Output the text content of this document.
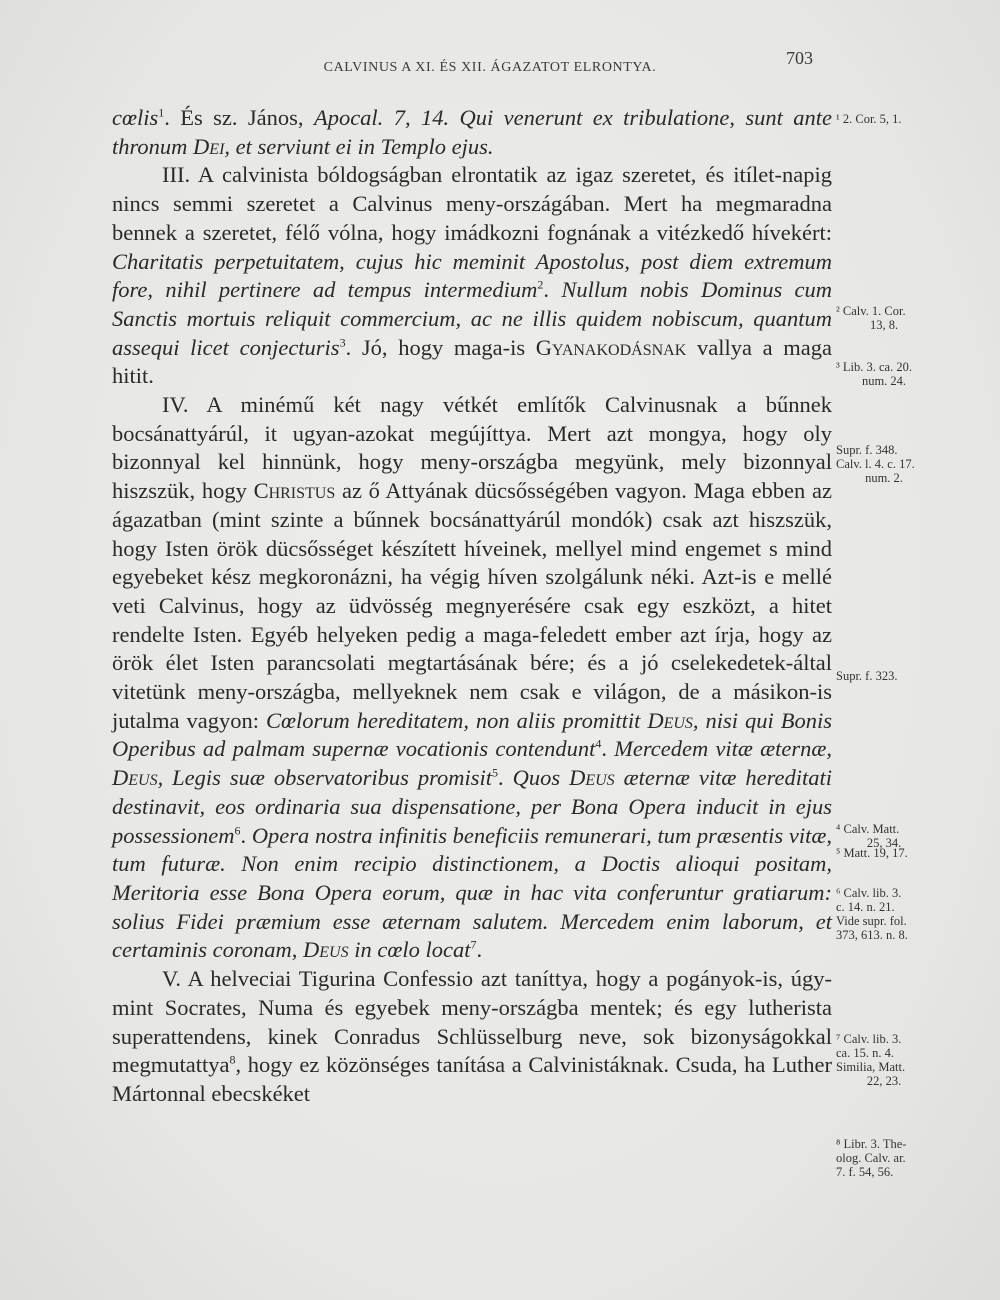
CALVINUS A XI. ÉS XII. ÁGAZATOT ELRONTYA.	703

cœlis$^1$. És sz. János, Apocal. 7, 14. Qui venerunt ex tribulatione, sunt ante thronum Dei, et serviunt ei in Templo ejus.

III. A calvinista bóldogságban elrontatik az igaz szeretet, és itílet-napig nincs semmi szeretet a Calvinus meny-országában. Mert ha megmaradna bennek a szeretet, félő vólna, hogy imádkozni fognának a vitézkedő hívekért: Charitatis perpetuitatem, cujus hic meminit Apostolus, post diem extremum fore, nihil pertinere ad tempus intermedium$^2$. Nullum nobis Dominus cum Sanctis mortuis reliquit commercium, ac ne illis quidem nobiscum, quantum assequi licet conjecturis$^3$. Jó, hogy maga-is Gyanakodásnak vallya a maga hitit.

IV. A minémű két nagy vétkét említők Calvinusnak a bűnnek bocsánattyárúl, it ugyan-azokat megújíttya. Mert azt mongya, hogy oly bizonnyal kel hinnünk, hogy meny-országba megyünk, mely bizonnyal hiszszük, hogy Christus az ő Attyának dücsősségében vagyon. Maga ebben az ágazatban (mint szinte a bűnnek bocsánattyárúl mondók) csak azt hiszszük, hogy Isten örök dücsősséget készített híveinek, mellyel mind engemet s mind egyebeket kész megkoronázni, ha végig híven szolgálunk néki. Azt-is e mellé veti Calvinus, hogy az üdvösség megnyerésére csak egy eszközt, a hitet rendelte Isten. Egyéb helyeken pedig a maga-feledett ember azt írja, hogy az örök élet Isten parancsolati megtartásának bére; és a jó cselekedetek-által vitetünk meny-országba, mellyeknek nem csak e világon, de a másikon-is jutalma vagyon: Cœlorum hereditatem, non aliis promittit Deus, nisi qui Bonis Operibus ad palmam supernæ vocationis contendunt$^4$. Mercedem vitæ æternæ, Deus, Legis suæ observatoribus promisit$^5$. Quos Deus æternæ vitæ hereditati destinavit, eos ordinaria sua dispensatione, per Bona Opera inducit in ejus possessionem$^6$. Opera nostra infinitis beneficiis remunerari, tum præsentis vitæ, tum futuræ. Non enim recipio distinctionem, a Doctis alioqui positam, Meritoria esse Bona Opera eorum, quæ in hac vita conferuntur gratiarum: solius Fidei præmium esse æternam salutem. Mercedem enim laborum, et certaminis coronam, Deus in cœlo locat$^7$.

V. A helveciai Tigurina Confessio azt taníttya, hogy a pogányok-is, úgy-mint Socrates, Numa és egyebek meny-országba mentek; és egy lutherista superattendens, kinek Conradus Schlüsselburg neve, sok bizonyságokkal megmutattya$^8$, hogy ez közönséges tanítása a Calvinistáknak. Csuda, ha Luther Mártonnal ebecskéket

¹ 2. Cor. 5, 1.
² Calv. 1. Cor.
13, 8.
³ Lib. 3. ca. 20.
num. 24.
Supr. f. 348.
Calv. l. 4. c. 17.
num. 2.
Supr. f. 323.
⁴ Calv. Matt.
25, 34.
⁵ Matt. 19, 17.
⁶ Calv. lib. 3.
c. 14. n. 21.
Vide supr. fol.
373, 613. n. 8.
⁷ Calv. lib. 3.
ca. 15. n. 4.
Similia, Matt.
22, 23.
⁸ Libr. 3. The-
olog. Calv. ar.
7. f. 54, 56.
